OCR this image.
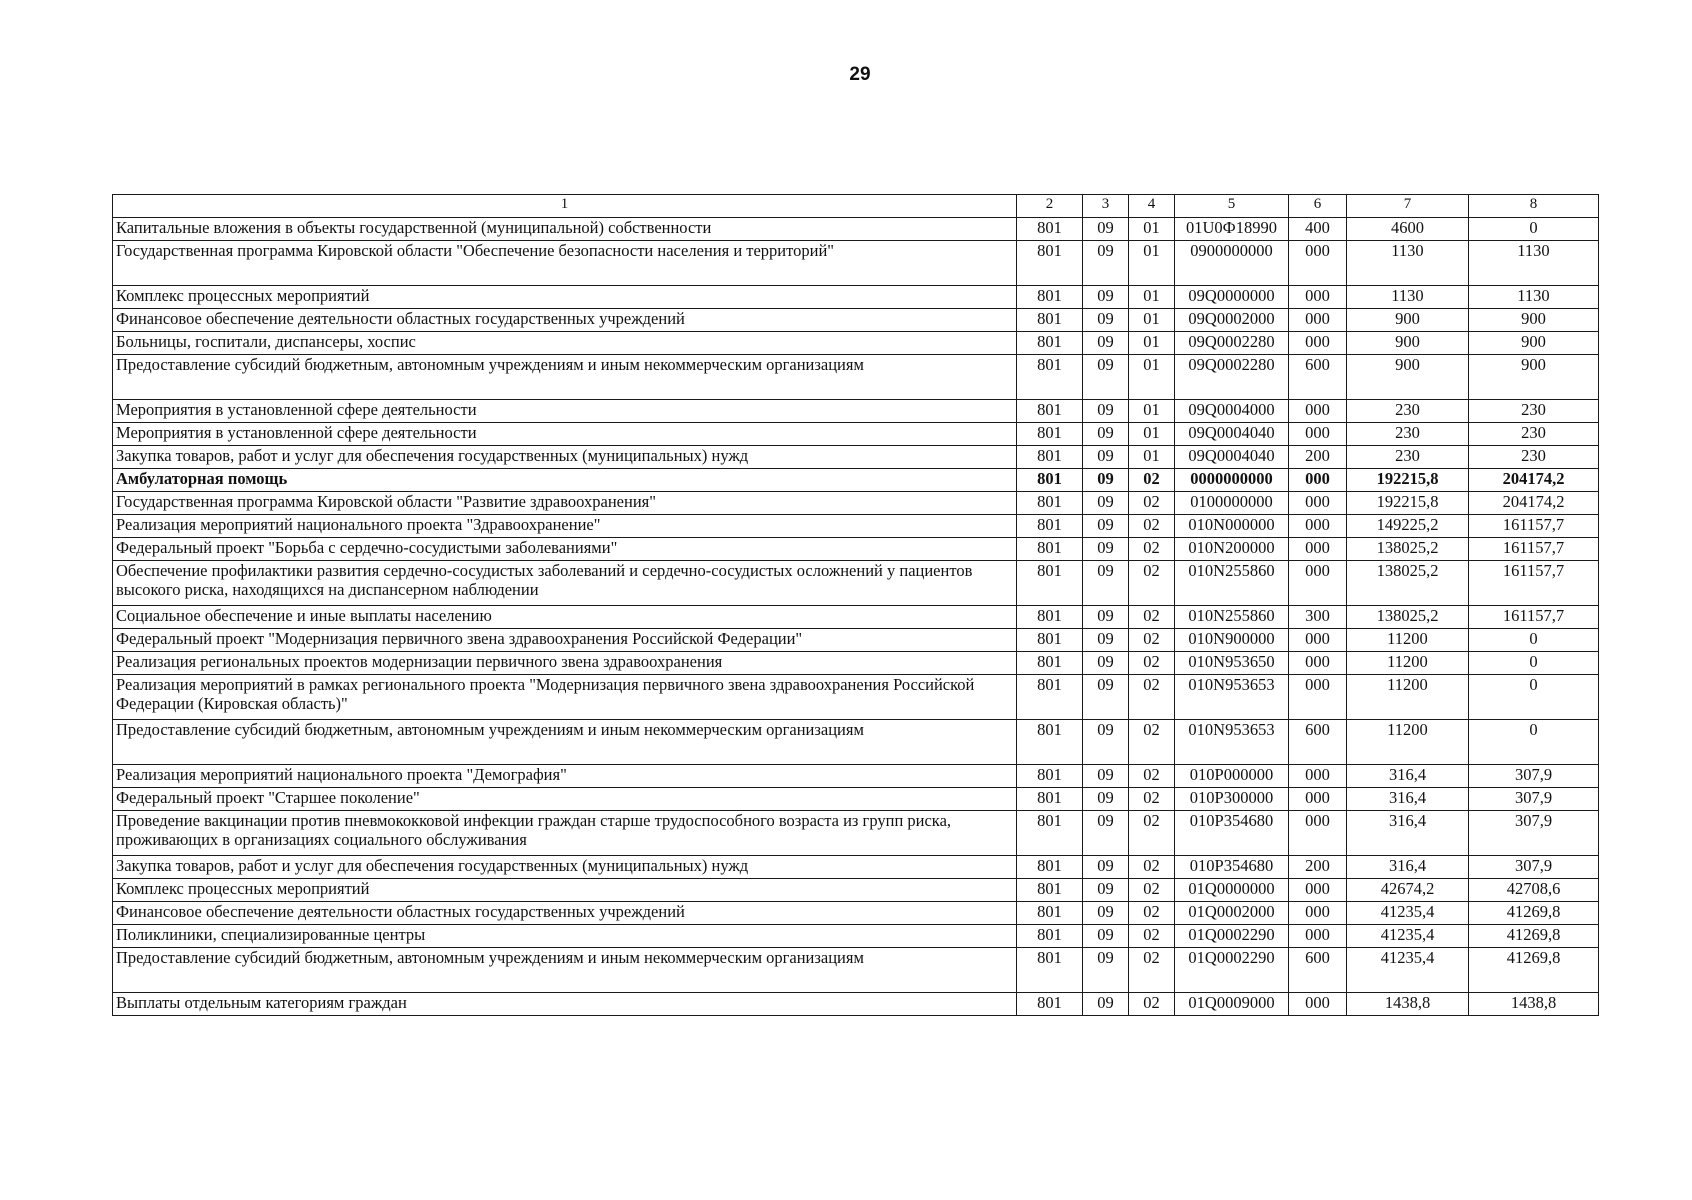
29
1	2	3	4	5	6	7	8
Капитальные вложения в объекты государственной (муниципальной) собственности	801	09	01	01U0Ф18990	400	4600	0
Государственная программа Кировской области "Обеспечение безопасности населения и территорий"	801	09	01	0900000000	000	1130	1130
Комплекс процессных мероприятий	801	09	01	09Q0000000	000	1130	1130
Финансовое обеспечение деятельности областных государственных учреждений	801	09	01	09Q0002000	000	900	900
Больницы, госпитали, диспансеры, хоспис	801	09	01	09Q0002280	000	900	900
Предоставление субсидий бюджетным, автономным учреждениям и иным некоммерческим организациям	801	09	01	09Q0002280	600	900	900
Мероприятия в установленной сфере деятельности	801	09	01	09Q0004000	000	230	230
Мероприятия в установленной сфере деятельности	801	09	01	09Q0004040	000	230	230
Закупка товаров, работ и услуг для обеспечения государственных (муниципальных) нужд	801	09	01	09Q0004040	200	230	230
Амбулаторная помощь	801	09	02	0000000000	000	192215,8	204174,2
Государственная программа Кировской области "Развитие здравоохранения"	801	09	02	0100000000	000	192215,8	204174,2
Реализация мероприятий национального проекта "Здравоохранение"	801	09	02	010N000000	000	149225,2	161157,7
Федеральный проект "Борьба с сердечно-сосудистыми заболеваниями"	801	09	02	010N200000	000	138025,2	161157,7
Обеспечение профилактики развития сердечно-сосудистых заболеваний и сердечно-сосудистых осложнений у пациентов высокого риска, находящихся на диспансерном наблюдении	801	09	02	010N255860	000	138025,2	161157,7
Социальное обеспечение и иные выплаты населению	801	09	02	010N255860	300	138025,2	161157,7
Федеральный проект "Модернизация первичного звена здравоохранения Российской Федерации"	801	09	02	010N900000	000	11200	0
Реализация региональных проектов модернизации первичного звена здравоохранения	801	09	02	010N953650	000	11200	0
Реализация мероприятий в рамках регионального проекта "Модернизация первичного звена здравоохранения Российской Федерации (Кировская область)"	801	09	02	010N953653	000	11200	0
Предоставление субсидий бюджетным, автономным учреждениям и иным некоммерческим организациям	801	09	02	010N953653	600	11200	0
Реализация мероприятий национального проекта "Демография"	801	09	02	010P000000	000	316,4	307,9
Федеральный проект "Старшее поколение"	801	09	02	010P300000	000	316,4	307,9
Проведение вакцинации против пневмококковой инфекции граждан старше трудоспособного возраста из групп риска, проживающих в организациях социального обслуживания	801	09	02	010P354680	000	316,4	307,9
Закупка товаров, работ и услуг для обеспечения государственных (муниципальных) нужд	801	09	02	010P354680	200	316,4	307,9
Комплекс процессных мероприятий	801	09	02	01Q0000000	000	42674,2	42708,6
Финансовое обеспечение деятельности областных государственных учреждений	801	09	02	01Q0002000	000	41235,4	41269,8
Поликлиники, специализированные центры	801	09	02	01Q0002290	000	41235,4	41269,8
Предоставление субсидий бюджетным, автономным учреждениям и иным некоммерческим организациям	801	09	02	01Q0002290	600	41235,4	41269,8
Выплаты отдельным категориям граждан	801	09	02	01Q0009000	000	1438,8	1438,8
